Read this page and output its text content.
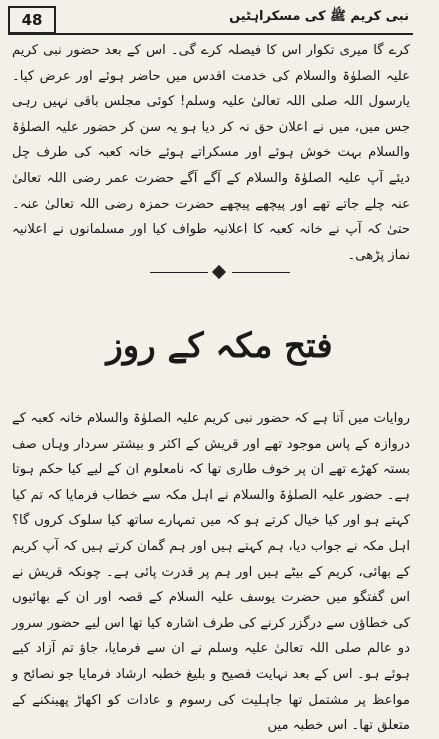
48	نبی کریم ﷺ کی مسکراہٹیں
کرے گا میری تکوار اس کا فیصلہ کرے گی۔ اس کے بعد حضور نبی کریم علیہ الصلوٰۃ والسلام کی خدمت اقدس میں حاضر ہوئے اور عرض کیا۔ یارسول اللہ صلی اللہ تعالیٰ علیہ وسلم! کوئی مجلس باقی نہیں رہی جس میں، میں نے اعلان حق نہ کر دیا ہو یہ سن کر حضور علیہ الصلوٰۃ والسلام بہت خوش ہوئے اور مسکراتے ہوئے خانہ کعبہ کی طرف چل دیئے آپ علیہ الصلوٰۃ والسلام کے آگے آگے حضرت عمر رضی اللہ تعالیٰ عنہ چلے جاتے تھے اور پیچھے پیچھے حضرت حمزہ رضی اللہ تعالیٰ عنہ۔ حتیٰ کہ آپ نے خانہ کعبہ کا اعلانیہ طواف کیا اور مسلمانوں نے اعلانیہ نماز پڑھی۔
فتح مکہ کے روز
روایات میں آتا ہے کہ حضور نبی کریم علیہ الصلوٰۃ والسلام خانہ کعبہ کے دروازہ کے پاس موجود تھے اور قریش کے اکثر و بیشتر سردار وہاں صف بستہ کھڑے تھے ان پر خوف طاری تھا کہ نامعلوم ان کے لیے کیا حکم ہوتا ہے۔ حضور علیہ الصلوٰۃ والسلام نے اہل مکہ سے خطاب فرمایا کہ تم کیا کہتے ہو اور کیا خیال کرتے ہو کہ میں تمہارے ساتھ کیا سلوک کروں گا؟ اہل مکہ نے جواب دیا، ہم کہتے ہیں اور ہم گمان کرتے ہیں کہ آپ کریم کے بھائی، کریم کے بیٹے ہیں اور ہم پر قدرت پائی ہے۔ چونکہ قریش نے اس گفتگو میں حضرت یوسف علیہ السلام کے قصہ اور ان کے بھائیوں کی خطاؤں سے درگزر کرنے کی طرف اشارہ کیا تھا اس لیے حضور سرور دو عالم صلی اللہ تعالیٰ علیہ وسلم نے ان سے فرمایا، جاؤ تم آزاد کیے ہوئے ہو۔ اس کے بعد نہایت فصیح و بلیغ خطبہ ارشاد فرمایا جو نصائح و مواعظ پر مشتمل تھا جاہلیت کی رسوم و عادات کو اکھاڑ پھینکنے کے متعلق تھا۔ اس خطبہ میں
